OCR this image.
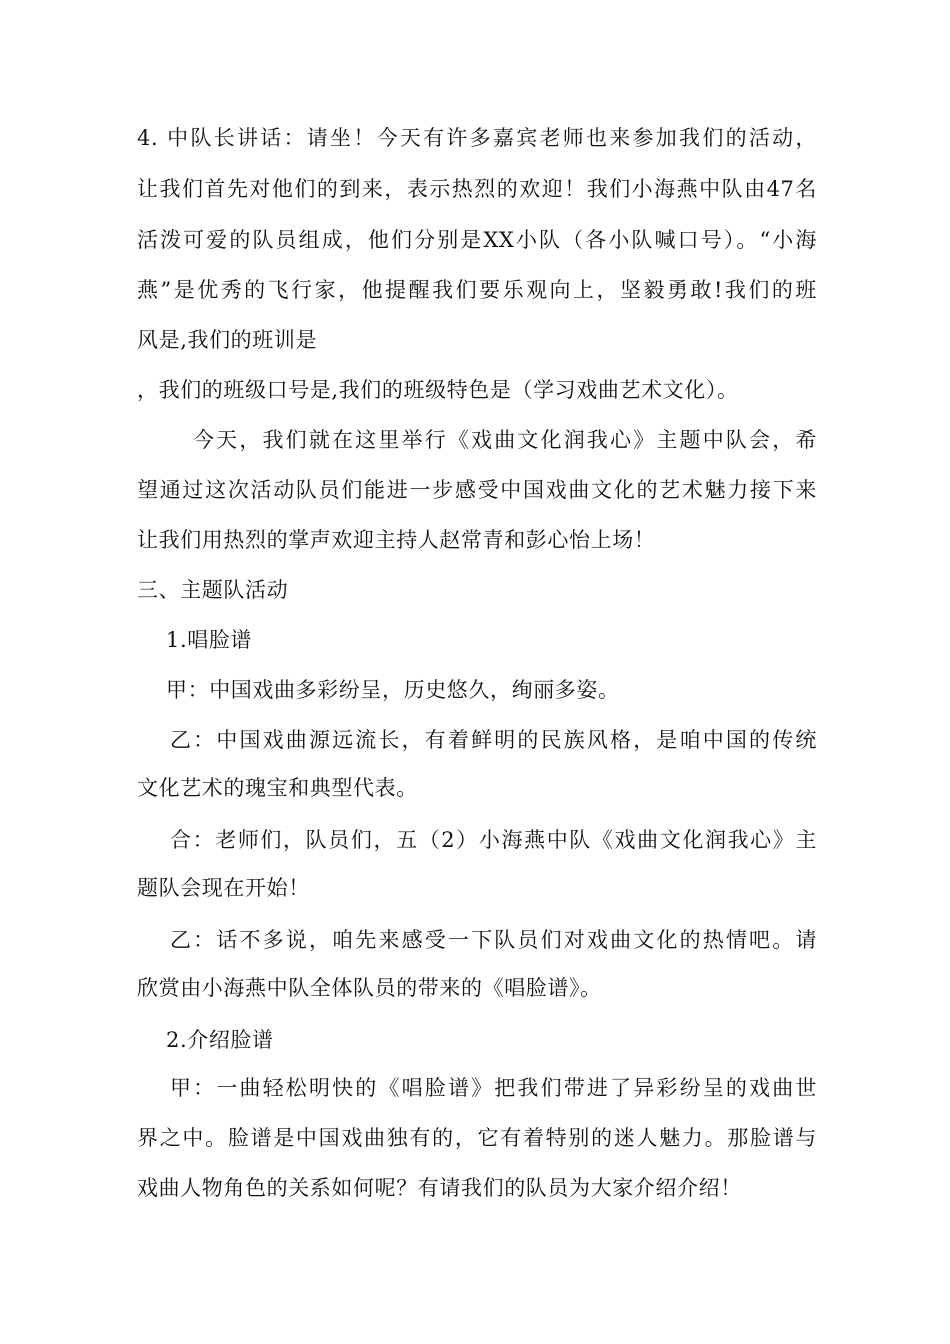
4. 中队长讲话：请坐！今天有许多嘉宾老师也来参加我们的活动，
让我们首先对他们的到来，表示热烈的欢迎！我们小海燕中队由47名
活泼可爱的队员组成，他们分别是XX小队（各小队喊口号）。“小海
燕”是优秀的飞行家，他提醒我们要乐观向上，坚毅勇敢!我们的班
风是,我们的班训是
，我们的班级口号是,我们的班级特色是（学习戏曲艺术文化）。
今天，我们就在这里举行《戏曲文化润我心》主题中队会，希
望通过这次活动队员们能进一步感受中国戏曲文化的艺术魅力接下来
让我们用热烈的掌声欢迎主持人赵常青和彭心怡上场！
三、主题队活动
1.唱脸谱
甲：中国戏曲多彩纷呈，历史悠久，绚丽多姿。
乙：中国戏曲源远流长，有着鲜明的民族风格，是咱中国的传统
文化艺术的瑰宝和典型代表。
合：老师们，队员们，五（2）小海燕中队《戏曲文化润我心》主
题队会现在开始！
乙：话不多说，咱先来感受一下队员们对戏曲文化的热情吧。请
欣赏由小海燕中队全体队员的带来的《唱脸谱》。
2.介绍脸谱
甲：一曲轻松明快的《唱脸谱》把我们带进了异彩纷呈的戏曲世
界之中。脸谱是中国戏曲独有的，它有着特别的迷人魅力。那脸谱与
戏曲人物角色的关系如何呢？有请我们的队员为大家介绍介绍！
